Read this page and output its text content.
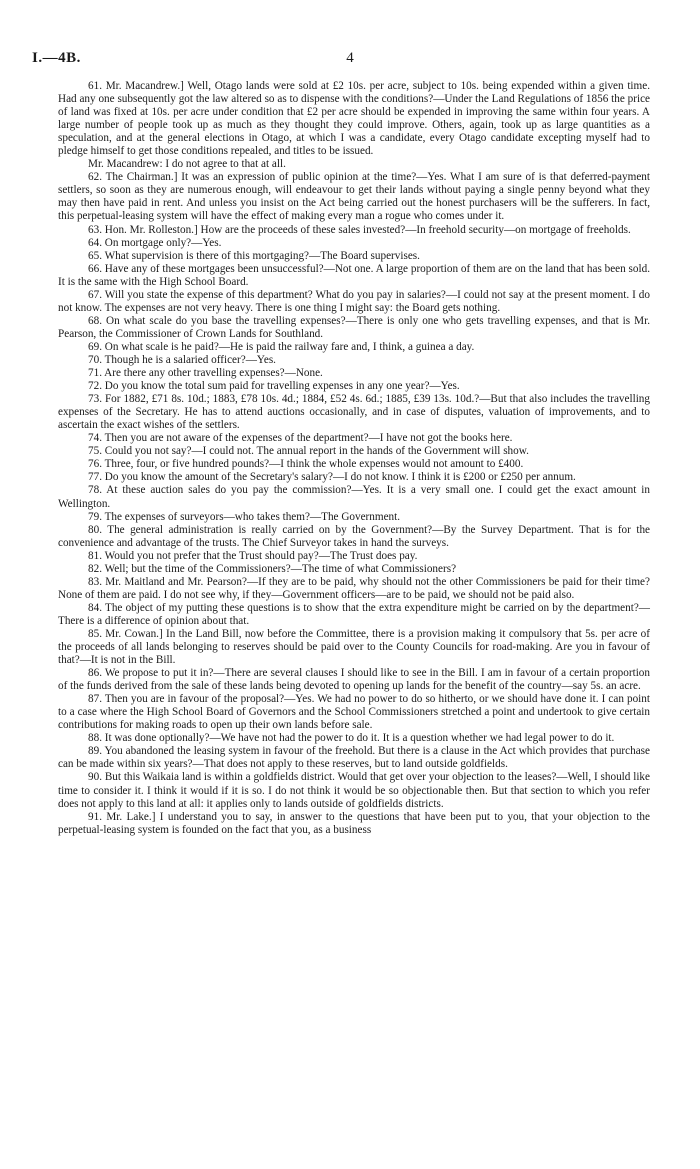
I.—4B.	4

61. Mr. Macandrew.] Well, Otago lands were sold at £2 10s. per acre, subject to 10s. being expended within a given time. Had any one subsequently got the law altered so as to dispense with the conditions?—Under the Land Regulations of 1856 the price of land was fixed at 10s. per acre under condition that £2 per acre should be expended in improving the same within four years. A large number of people took up as much as they thought they could improve. Others, again, took up as large quantities as a speculation, and at the general elections in Otago, at which I was a candidate, every Otago candidate excepting myself had to pledge himself to get those conditions repealed, and titles to be issued.

Mr. Macandrew: I do not agree to that at all.

62. The Chairman.] It was an expression of public opinion at the time?—Yes. What I am sure of is that deferred-payment settlers, so soon as they are numerous enough, will endeavour to get their lands without paying a single penny beyond what they may then have paid in rent. And unless you insist on the Act being carried out the honest purchasers will be the sufferers. In fact, this perpetual-leasing system will have the effect of making every man a rogue who comes under it.

63. Hon. Mr. Rolleston.] How are the proceeds of these sales invested?—In freehold security—on mortgage of freeholds.

64. On mortgage only?—Yes.

65. What supervision is there of this mortgaging?—The Board supervises.

66. Have any of these mortgages been unsuccessful?—Not one. A large proportion of them are on the land that has been sold. It is the same with the High School Board.

67. Will you state the expense of this department? What do you pay in salaries?—I could not say at the present moment. I do not know. The expenses are not very heavy. There is one thing I might say: the Board gets nothing.

68. On what scale do you base the travelling expenses?—There is only one who gets travelling expenses, and that is Mr. Pearson, the Commissioner of Crown Lands for Southland.

69. On what scale is he paid?—He is paid the railway fare and, I think, a guinea a day.

70. Though he is a salaried officer?—Yes.

71. Are there any other travelling expenses?—None.

72. Do you know the total sum paid for travelling expenses in any one year?—Yes.

73. For 1882, £71 8s. 10d.; 1883, £78 10s. 4d.; 1884, £52 4s. 6d.; 1885, £39 13s. 10d.?—But that also includes the travelling expenses of the Secretary. He has to attend auctions occasionally, and in case of disputes, valuation of improvements, and to ascertain the exact wishes of the settlers.

74. Then you are not aware of the expenses of the department?—I have not got the books here.

75. Could you not say?—I could not. The annual report in the hands of the Government will show.

76. Three, four, or five hundred pounds?—I think the whole expenses would not amount to £400.

77. Do you know the amount of the Secretary's salary?—I do not know. I think it is £200 or £250 per annum.

78. At these auction sales do you pay the commission?—Yes. It is a very small one. I could get the exact amount in Wellington.

79. The expenses of surveyors—who takes them?—The Government.

80. The general administration is really carried on by the Government?—By the Survey Department. That is for the convenience and advantage of the trusts. The Chief Surveyor takes in hand the surveys.

81. Would you not prefer that the Trust should pay?—The Trust does pay.

82. Well; but the time of the Commissioners?—The time of what Commissioners?

83. Mr. Maitland and Mr. Pearson?—If they are to be paid, why should not the other Commissioners be paid for their time? None of them are paid. I do not see why, if they—Government officers—are to be paid, we should not be paid also.

84. The object of my putting these questions is to show that the extra expenditure might be carried on by the department?—There is a difference of opinion about that.

85. Mr. Cowan.] In the Land Bill, now before the Committee, there is a provision making it compulsory that 5s. per acre of the proceeds of all lands belonging to reserves should be paid over to the County Councils for road-making. Are you in favour of that?—It is not in the Bill.

86. We propose to put it in?—There are several clauses I should like to see in the Bill. I am in favour of a certain proportion of the funds derived from the sale of these lands being devoted to opening up lands for the benefit of the country—say 5s. an acre.

87. Then you are in favour of the proposal?—Yes. We had no power to do so hitherto, or we should have done it. I can point to a case where the High School Board of Governors and the School Commissioners stretched a point and undertook to give certain contributions for making roads to open up their own lands before sale.

88. It was done optionally?—We have not had the power to do it. It is a question whether we had legal power to do it.

89. You abandoned the leasing system in favour of the freehold. But there is a clause in the Act which provides that purchase can be made within six years?—That does not apply to these reserves, but to land outside goldfields.

90. But this Waikaia land is within a goldfields district. Would that get over your objection to the leases?—Well, I should like time to consider it. I think it would if it is so. I do not think it would be so objectionable then. But that section to which you refer does not apply to this land at all: it applies only to lands outside of goldfields districts.

91. Mr. Lake.] I understand you to say, in answer to the questions that have been put to you, that your objection to the perpetual-leasing system is founded on the fact that you, as a business
